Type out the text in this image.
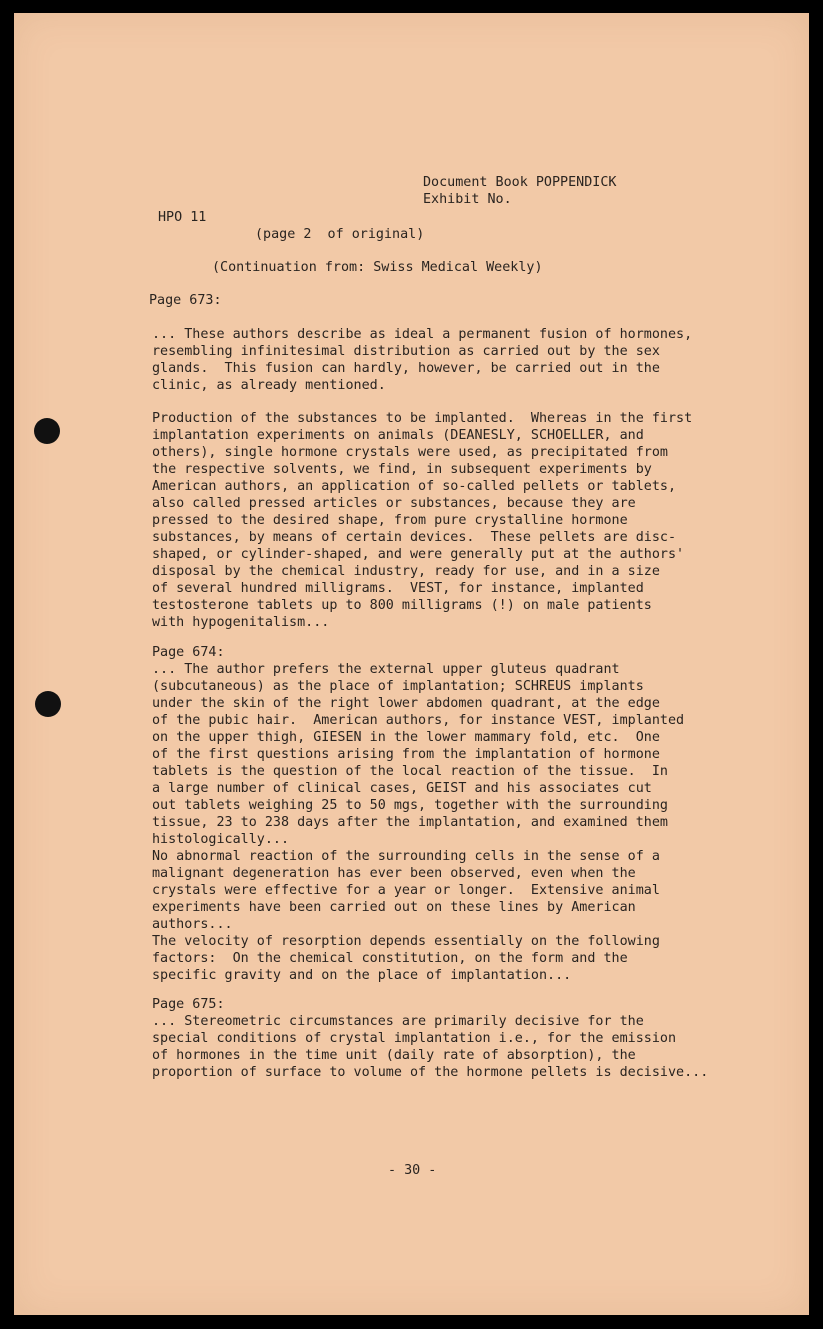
Document Book POPPENDICK

Exhibit No.

HPO 11

(page 2  of original)

(Continuation from: Swiss Medical Weekly)

Page 673:

... These authors describe as ideal a permanent fusion of hormones,
resembling infinitesimal distribution as carried out by the sex
glands.  This fusion can hardly, however, be carried out in the
clinic, as already mentioned.
Production of the substances to be implanted.  Whereas in the first
implantation experiments on animals (DEANESLY, SCHOELLER, and
others), single hormone crystals were used, as precipitated from
the respective solvents, we find, in subsequent experiments by
American authors, an application of so-called pellets or tablets,
also called pressed articles or substances, because they are
pressed to the desired shape, from pure crystalline hormone
substances, by means of certain devices.  These pellets are disc-
shaped, or cylinder-shaped, and were generally put at the authors'
disposal by the chemical industry, ready for use, and in a size
of several hundred milligrams.  VEST, for instance, implanted
testosterone tablets up to 800 milligrams (!) on male patients
with hypogenitalism...

Page 674:

... The author prefers the external upper gluteus quadrant
(subcutaneous) as the place of implantation; SCHREUS implants
under the skin of the right lower abdomen quadrant, at the edge
of the pubic hair.  American authors, for instance VEST, implanted
on the upper thigh, GIESEN in the lower mammary fold, etc.  One
of the first questions arising from the implantation of hormone
tablets is the question of the local reaction of the tissue.  In
a large number of clinical cases, GEIST and his associates cut
out tablets weighing 25 to 50 mgs, together with the surrounding
tissue, 23 to 238 days after the implantation, and examined them
histologically...
No abnormal reaction of the surrounding cells in the sense of a
malignant degeneration has ever been observed, even when the
crystals were effective for a year or longer.  Extensive animal
experiments have been carried out on these lines by American
authors...
The velocity of resorption depends essentially on the following
factors:  On the chemical constitution, on the form and the
specific gravity and on the place of implantation...

Page 675:

... Stereometric circumstances are primarily decisive for the
special conditions of crystal implantation i.e., for the emission
of hormones in the time unit (daily rate of absorption), the
proportion of surface to volume of the hormone pellets is decisive...

- 30 -
